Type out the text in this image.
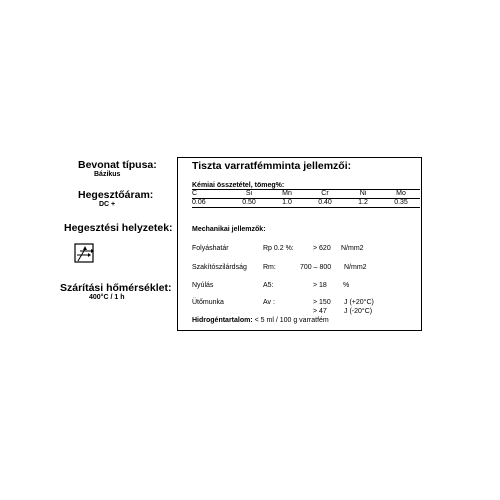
Bevonat típusa:
Bázikus
Hegesztőáram:
DC +
Hegesztési helyzetek:
Szárítási hőmérséklet:
400°C / 1 h
Tiszta varratfémminta jellemzői:
Kémiai összetétel, tömeg%:
C	Si	Mn	Cr	Ni	Mo
0.06	0.50	1.0	0.40	1.2	0.35
Mechanikai jellemzők:
Folyáshatár	Rp 0.2 %:	> 620 N/mm2
Szakítószilárdság Rm:	700 – 800 N/mm2
Nyúlás	A5:	> 18 %
Ütőmunka	Av :	> 150 J (+20°C)
> 47 J (-20°C)
Hidrogéntartalom: < 5 ml / 100 g varratfém
